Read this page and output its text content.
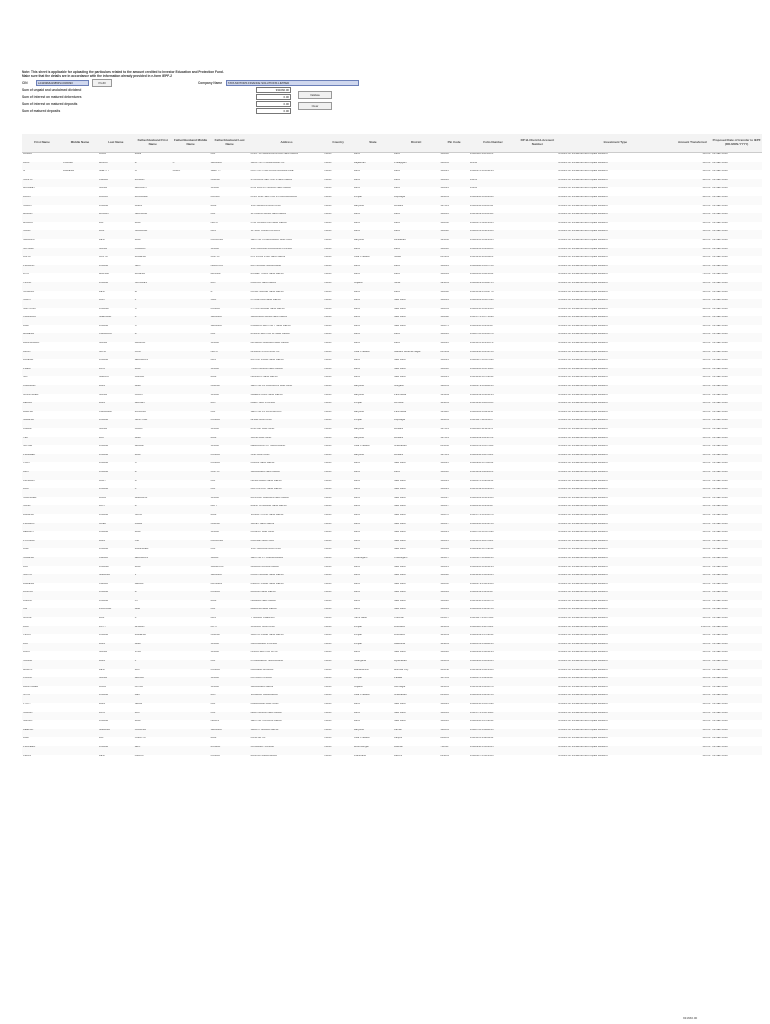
Note: This sheet is applicable for uploading the particulars related to the amount credited to Investor Education and Protection Fund.
Make sure that the details are in accordance with the information already provided in e-form IEPF-2
CIN	L24299MH1985PLC036093	Prefill	Company Name	TATA MOTORS FINANCE SOLUTIONS LIMITED
Sum of unpaid and unclaimed dividend	931660.00
Sum of interest on matured debentures	0.00	Validate
Sum of interest on matured deposits	0.00	Clear
Sum of matured deposits	0.00
First Name	Middle Name	Last Name	Father/Husband First Name	Father/Husband Middle Name	Father/Husband Last Name	Address	Country	State	District	Pin Code	Folio Number	DP Id-Client Id-Account Number	Investment Type	Amount Transferred	Proposed Date of transfer to IEPF (DD-MON-YYYY)
AASHA		KAUR	MAHI		LAL	H.NO. 18 SHANKAR ROAD NEW DELHI	INDIA	Delhi	Delhi	110060	IN300118-10045123		Amount for unclaimed and unpaid dividend	150.00	03-SEP-2022
ALUF	KUMARI	BAJPAI	R	C	SHARMA	SHOP NO 1 GHAZIABAD UP	INDIA	Rajasthan	Pratapgarh	312605	12042		Amount for unclaimed and unpaid dividend	150.00	03-SEP-2022
G	RAMESH	SHETTY	G	GURU	SHETTY	FLAT NO 5 MG ROAD BANGALORE	INDIA	Delhi	Delhi	110025	IN302270-10012234		Amount for unclaimed and unpaid dividend	150.00	03-SEP-2022
SUNITA		CHAND	MOHAN		CHAND	45 ROHINI SECTOR 3 NEW DELHI	INDIA	Delhi	Delhi	110085	14451		Amount for unclaimed and unpaid dividend	300.00	03-SEP-2022
MANJEET		SINGH	BALWANT		SINGH	B-12 LAJPAT NAGAR NEW DELHI	INDIA	Delhi	Delhi	110024	13662		Amount for unclaimed and unpaid dividend	150.00	03-SEP-2022
RAJAT		KAURA	RAJINDER		KAURA	H.NO 1221 SECTOR 15 CHANDIGARH	INDIA	Punjab	Rupnagar	140001	IN300966-10002340		Amount for unclaimed and unpaid dividend	300.00	03-SEP-2022
SURAJ		KUMAR	DHAN		RAM	VILL BHIWANI HARYANA	INDIA	Haryana	Bhiwani	127021	IN300394-11204511		Amount for unclaimed and unpaid dividend	150.00	03-SEP-2022
MADAN		MOHAN	SHANKAR		LAL	32 KAROL BAGH NEW DELHI	INDIA	Delhi	Delhi	110005	IN301209-10045561		Amount for unclaimed and unpaid dividend	150.00	03-SEP-2022
MOHAN		LAL	RAM		NATH	C-45 JANAKPURI NEW DELHI	INDIA	Delhi	Delhi	110058	IN300476-40123345		Amount for unclaimed and unpaid dividend	150.00	03-SEP-2022
SUDIP		DAS	SUBHASH		DAS	12 SALT LAKE KOLKATA	INDIA	Delhi	Delhi	110092	IN300513-12223456		Amount for unclaimed and unpaid dividend	150.00	03-SEP-2022
NIRMALA		DEVI	RAM		PRAKASH	SECTOR 9 FARIDABAD HARYANA	INDIA	Haryana	Faridabad	121006	IN302365-10023345		Amount for unclaimed and unpaid dividend	300.00	03-SEP-2022
SATNAM		SINGH	GURBAX		SINGH	VILL KHANNA LUDHIANA PUNJAB	INDIA	Delhi	Delhi	110018	IN300214-11334455		Amount for unclaimed and unpaid dividend	150.00	03-SEP-2022
ANITA		GUPTA	RAMESH		GUPTA	D-4 VIKAS PURI NEW DELHI	INDIA	Uttar Pradesh	Noida	201301	IN301356-20011223		Amount for unclaimed and unpaid dividend	150.00	03-SEP-2022
PRAMOD		KUMAR	SHIV		NARAYAN	RAJ NAGAR GHAZIABAD	INDIA	Delhi	Delhi	110034	IN300888-14567788		Amount for unclaimed and unpaid dividend	150.00	03-SEP-2022
RITU		BANSAL	RAJESH		BANSAL	MODEL TOWN NEW DELHI	INDIA	Delhi	Delhi	110009	IN300095-11223344		Amount for unclaimed and unpaid dividend	750.00	03-SEP-2022
VINOD		KUMAR	SUKHDEV		RAJ	KALKAJI NEW DELHI	INDIA	Gujarat	Surat	395001	IN300829-10098765		Amount for unclaimed and unpaid dividend	150.00	03-SEP-2022
SUSHILA		DEVI	M		R	PATEL NAGAR NEW DELHI	INDIA	Delhi	Delhi	110008	IN301549-15566778		Amount for unclaimed and unpaid dividend	150.00	03-SEP-2022
SUMIT		JAIN	P		JAIN	PITAMPURA NEW DELHI	INDIA	Delhi	New Delhi	110034	IN300183-10067890		Amount for unclaimed and unpaid dividend	150.00	03-SEP-2022
SANTOSH		KUMARI	S		KUMAR	UTTAM NAGAR NEW DELHI	INDIA	Delhi	New Delhi	110059	IN300450-10123456		Amount for unclaimed and unpaid dividend	300.00	03-SEP-2022
CHANDRA		SHEKHAR	K		SHARMA	SHALIMAR BAGH NEW DELHI	INDIA	Delhi	New Delhi	110088	IN301774-16778899		Amount for unclaimed and unpaid dividend	150.00	03-SEP-2022
RAM		KUMAR	S		SHARMA	DWARKA SECTOR 7 NEW DELHI	INDIA	Delhi	New Delhi	110075	IN300360-10234567		Amount for unclaimed and unpaid dividend	150.00	03-SEP-2022
MAHESH		CHANDRA	R		LAL	ROHINI SECTOR 11 NEW DELHI	INDIA	Delhi	Delhi	110085	IN300765-10345678		Amount for unclaimed and unpaid dividend	150.00	03-SEP-2022
BHUPENDRA		SINGH	KHAZAN		SINGH	DILSHAD GARDEN NEW DELHI	INDIA	Delhi	Delhi	110095	IN301151-12345678		Amount for unclaimed and unpaid dividend	150.00	03-SEP-2022
ARUN		NATH	GOPI		NATH	ALIGANJ LUCKNOW UP	INDIA	Uttar Pradesh	Gautam Buddha Nagar	201309	IN300940-10456789		Amount for unclaimed and unpaid dividend	150.00	03-SEP-2022
RAJESH		KUMAR	BHAGWAN		DAS	MAYUR VIHAR NEW DELHI	INDIA	Delhi	New Delhi	110091	IN300327-10567890		Amount for unclaimed and unpaid dividend	150.00	03-SEP-2022
PREM		LATA	RAM		SINGH	TILAK NAGAR NEW DELHI	INDIA	Delhi	New Delhi	110018	IN300206-10678901		Amount for unclaimed and unpaid dividend	300.00	03-SEP-2022
SAT		NARAIN	GANGA		RAM	NANGLOI NEW DELHI	INDIA	Delhi	New Delhi	110041	IN301436-10789012		Amount for unclaimed and unpaid dividend	150.00	03-SEP-2022
KAMLESH		RANI	HARI		CHAND	SECTOR 14 GURGAON HARYANA	INDIA	Haryana	Gurgaon	122001	IN302679-10890123		Amount for unclaimed and unpaid dividend	150.00	03-SEP-2022
GURVINDER		SINGH	JAGJIT		SINGH	GREEN PARK NEW DELHI	INDIA	Haryana	Panchkula	134109	IN300239-10901234		Amount for unclaimed and unpaid dividend	150.00	03-SEP-2022
REKHA		RANI	BALDEV		RAJ	AMRITSAR PUNJAB	INDIA	Punjab	Amritsar	143001	IN301330-11012345		Amount for unclaimed and unpaid dividend	150.00	03-SEP-2022
HARISH		CHANDER	MUKAND		LAL	SECTOR 21 PANCHKULA	INDIA	Haryana	Panchkula	134112	IN300484-11123456		Amount for unclaimed and unpaid dividend	150.00	03-SEP-2022
NARESH		KUMAR	SANTOSH		KUMAR	HISAR HARYANA	INDIA	Punjab	Rupnagar	140001	IN301127-11234567		Amount for unclaimed and unpaid dividend	150.00	03-SEP-2022
KAMAL		SINGH	JAGAT		SINGH	ROHTAK HARYANA	INDIA	Haryana	Bhiwani	127021	IN300118-11345678		Amount for unclaimed and unpaid dividend	150.00	03-SEP-2022
TEK		RAJ	HARI		RAM	SIRSA HARYANA	INDIA	Haryana	Bhiwani	127021	IN302269-11456789		Amount for unclaimed and unpaid dividend	150.00	03-SEP-2022
SATISH		KUMAR	BIRBAL		SINGH	DEHRADUN UTTARAKHAND	INDIA	Uttar Pradesh	Ghaziabad	201002	IN300513-11567890		Amount for unclaimed and unpaid dividend	150.00	03-SEP-2022
PRADEEP		KUMAR	RAM		KUMAR	JIND HARYANA	INDIA	Haryana	Bhiwani	127021	IN300394-11678901		Amount for unclaimed and unpaid dividend	150.00	03-SEP-2022
VIJAY		KUMAR	S		KUMAR	PALAM NEW DELHI	INDIA	Delhi	New Delhi	110045	IN300966-11789012		Amount for unclaimed and unpaid dividend	150.00	03-SEP-2022
AMIT		KUMAR	R		GUPTA	SHAHDARA NEW DELHI	INDIA	Delhi	Delhi	110032	IN301209-11890123		Amount for unclaimed and unpaid dividend	150.00	03-SEP-2022
KRISHAN		KANT	B		LAL	NAJAFGARH NEW DELHI	INDIA	Delhi	New Delhi	110043	IN300476-11901234		Amount for unclaimed and unpaid dividend	150.00	03-SEP-2022
RAVI		KUMAR	K		LAL	INA COLONY NEW DELHI	INDIA	Delhi	New Delhi	110023	IN301549-12012345		Amount for unclaimed and unpaid dividend	150.00	03-SEP-2022
SURINDER		KAUR	HARBANS		SINGH	RAJOURI GARDEN NEW DELHI	INDIA	Delhi	New Delhi	110027	IN300183-12123456		Amount for unclaimed and unpaid dividend	150.00	03-SEP-2022
SUNIL		DATT	R		DATT	MALVIYA NAGAR NEW DELHI	INDIA	Delhi	New Delhi	110017	IN300450-12234567		Amount for unclaimed and unpaid dividend	150.00	03-SEP-2022
RAKESH		KUMAR	SUKH		RAM	VASANT KUNJ NEW DELHI	INDIA	Delhi	New Delhi	110070	IN301774-12345678		Amount for unclaimed and unpaid dividend	150.00	03-SEP-2022
PRAMILA		GOEL	PREM		CHAND	SAKET NEW DELHI	INDIA	Delhi	New Delhi	110017	IN300360-12456789		Amount for unclaimed and unpaid dividend	150.00	03-SEP-2022
HEMANT		KUMAR	RAM		SINGH	PANIPAT HARYANA	INDIA	Delhi	New Delhi	110041	IN300765-12567890		Amount for unclaimed and unpaid dividend	150.00	03-SEP-2022
POONAM		RANI	OM		PRAKASH	KARNAL HARYANA	INDIA	Delhi	New Delhi	110015	IN301151-12678901		Amount for unclaimed and unpaid dividend	150.00	03-SEP-2022
ANIL		KUMAR	MAHINDER		PAL	VILL JHAJJAR HARYANA	INDIA	Delhi	New Delhi	110084	IN300940-12789012		Amount for unclaimed and unpaid dividend	150.00	03-SEP-2022
SURESH		CHAND	BHAGWAN		SAHAI	SECTOR 17 CHANDIGARH	INDIA	Chandigarh	Chandigarh	160017	IN300327-12890123		Amount for unclaimed and unpaid dividend	150.00	03-SEP-2022
RAJ		KUMARI	RAM		SWAROOP	GANDHI NAGAR DELHI	INDIA	Delhi	New Delhi	110031	IN300206-12901234		Amount for unclaimed and unpaid dividend	150.00	03-SEP-2022
SAVITA		SHARMA	V		SHARMA	LAXMI NAGAR NEW DELHI	INDIA	Delhi	New Delhi	110092	IN301436-13012345		Amount for unclaimed and unpaid dividend	150.00	03-SEP-2022
RAMESH		CHAND	KEWAL		KRISHAN	ASHOK VIHAR NEW DELHI	INDIA	Delhi	New Delhi	110052	IN302679-13123456		Amount for unclaimed and unpaid dividend	150.00	03-SEP-2022
PANKAJ		KUMAR	R		KUMAR	BURARI NEW DELHI	INDIA	Delhi	New Delhi	110084	IN300239-13234567		Amount for unclaimed and unpaid dividend	150.00	03-SEP-2022
ASHOK		KUMAR	JIT		RAM	NARELA NEW DELHI	INDIA	Delhi	New Delhi	110040	IN301330-13345678		Amount for unclaimed and unpaid dividend	150.00	03-SEP-2022
OM		PRAKASH	HAR		LAL	BAWANA NEW DELHI	INDIA	Delhi	New Delhi	110039	IN300484-13456789		Amount for unclaimed and unpaid dividend	150.00	03-SEP-2022
GOPAL		DAS	K		DAS	T NAGAR CHENNAI	INDIA	Tamil Nadu	Chennai	600017	IN301127-13567890		Amount for unclaimed and unpaid dividend	150.00	03-SEP-2022
RAVI		DUTT	BISHAN		DUTT	SONIPAT HARYANA	INDIA	Punjab	Ludhiana	141001	IN300118-13678901		Amount for unclaimed and unpaid dividend	1500.00	03-SEP-2022
VIKAS		KUMAR	MAHESH		CHAND	SARITA VIHAR NEW DELHI	INDIA	Punjab	Ludhiana	141003	IN302269-13789012		Amount for unclaimed and unpaid dividend	150.00	03-SEP-2022
RAJ		RANI	HARI		SINGH	JALANDHAR PUNJAB	INDIA	Punjab	Jalandhar	144001	IN300513-13890123		Amount for unclaimed and unpaid dividend	150.00	03-SEP-2022
ANUJ		SINGH	VIJAY		SINGH	NOIDA SECTOR 62 UP	INDIA	Delhi	New Delhi	110096	IN300394-13901234		Amount for unclaimed and unpaid dividend	150.00	03-SEP-2022
SUDHA		RANI	P		LAL	HYDERABAD TELANGANA	INDIA	Telangana	Hyderabad	500001	IN300966-14012345		Amount for unclaimed and unpaid dividend	150.00	03-SEP-2022
MAMTA		DEVI	RAJ		KUMAR	ANDHERI MUMBAI	INDIA	Maharashtra	Mumbai City	400058	IN301209-14123456		Amount for unclaimed and unpaid dividend	150.00	03-SEP-2022
KULDIP		SINGH	BALBIR		SINGH	PATIALA PUNJAB	INDIA	Punjab	Patiala	147001	IN300476-14234567		Amount for unclaimed and unpaid dividend	150.00	03-SEP-2022
BHUPINDER		KAUR	AVTAR		SINGH	SHAHDARA DELHI	INDIA	Gujarat	Jamnagar	361001	IN301549-14345678		Amount for unclaimed and unpaid dividend	150.00	03-SEP-2022
NITIN		KUMAR	DEV		RAJ	VAISHALI GHAZIABAD	INDIA	Uttar Pradesh	Ghaziabad	201010	IN300183-14456789		Amount for unclaimed and unpaid dividend	150.00	03-SEP-2022
JYOTI		RANI	SHAM		LAL	FARIDABAD HARYANA	INDIA	Delhi	New Delhi	110044	IN300450-14567890		Amount for unclaimed and unpaid dividend	150.00	03-SEP-2022
SUMAN		LATA	RAJ		PAL	HARI NAGAR NEW DELHI	INDIA	Delhi	New Delhi	110064	IN301774-14678901		Amount for unclaimed and unpaid dividend	150.00	03-SEP-2022
SANJAY		KUMAR	RAM		NIWAS	SECTOR 4 ROHINI DELHI	INDIA	Delhi	New Delhi	110085	IN300360-14789012		Amount for unclaimed and unpaid dividend	150.00	03-SEP-2022
DEEPAK		SHARMA	JAGDISH		SHARMA	SHAKTI NAGAR DELHI	INDIA	Haryana	Karnal	132001	IN300765-14890123		Amount for unclaimed and unpaid dividend	150.00	03-SEP-2022
RAM		PAL	CHHOTU		RAM	KANPUR UP	INDIA	Uttar Pradesh	Kanpur	208001	IN301151-14901234		Amount for unclaimed and unpaid dividend	150.00	03-SEP-2022
PRAVEEN		KUMAR	BRIJ		MOHAN	GUWAHATI ASSAM	INDIA	West Bengal	Howrah	711101	IN300940-15012345		Amount for unclaimed and unpaid dividend	150.00	03-SEP-2022
KIRAN		DEVI	ASHOK		KUMAR	RANCHI JHARKHAND	INDIA	Jharkhand	Ranchi	834001	IN300327-15123456		Amount for unclaimed and unpaid dividend	150.00	03-SEP-2022
931660.00
